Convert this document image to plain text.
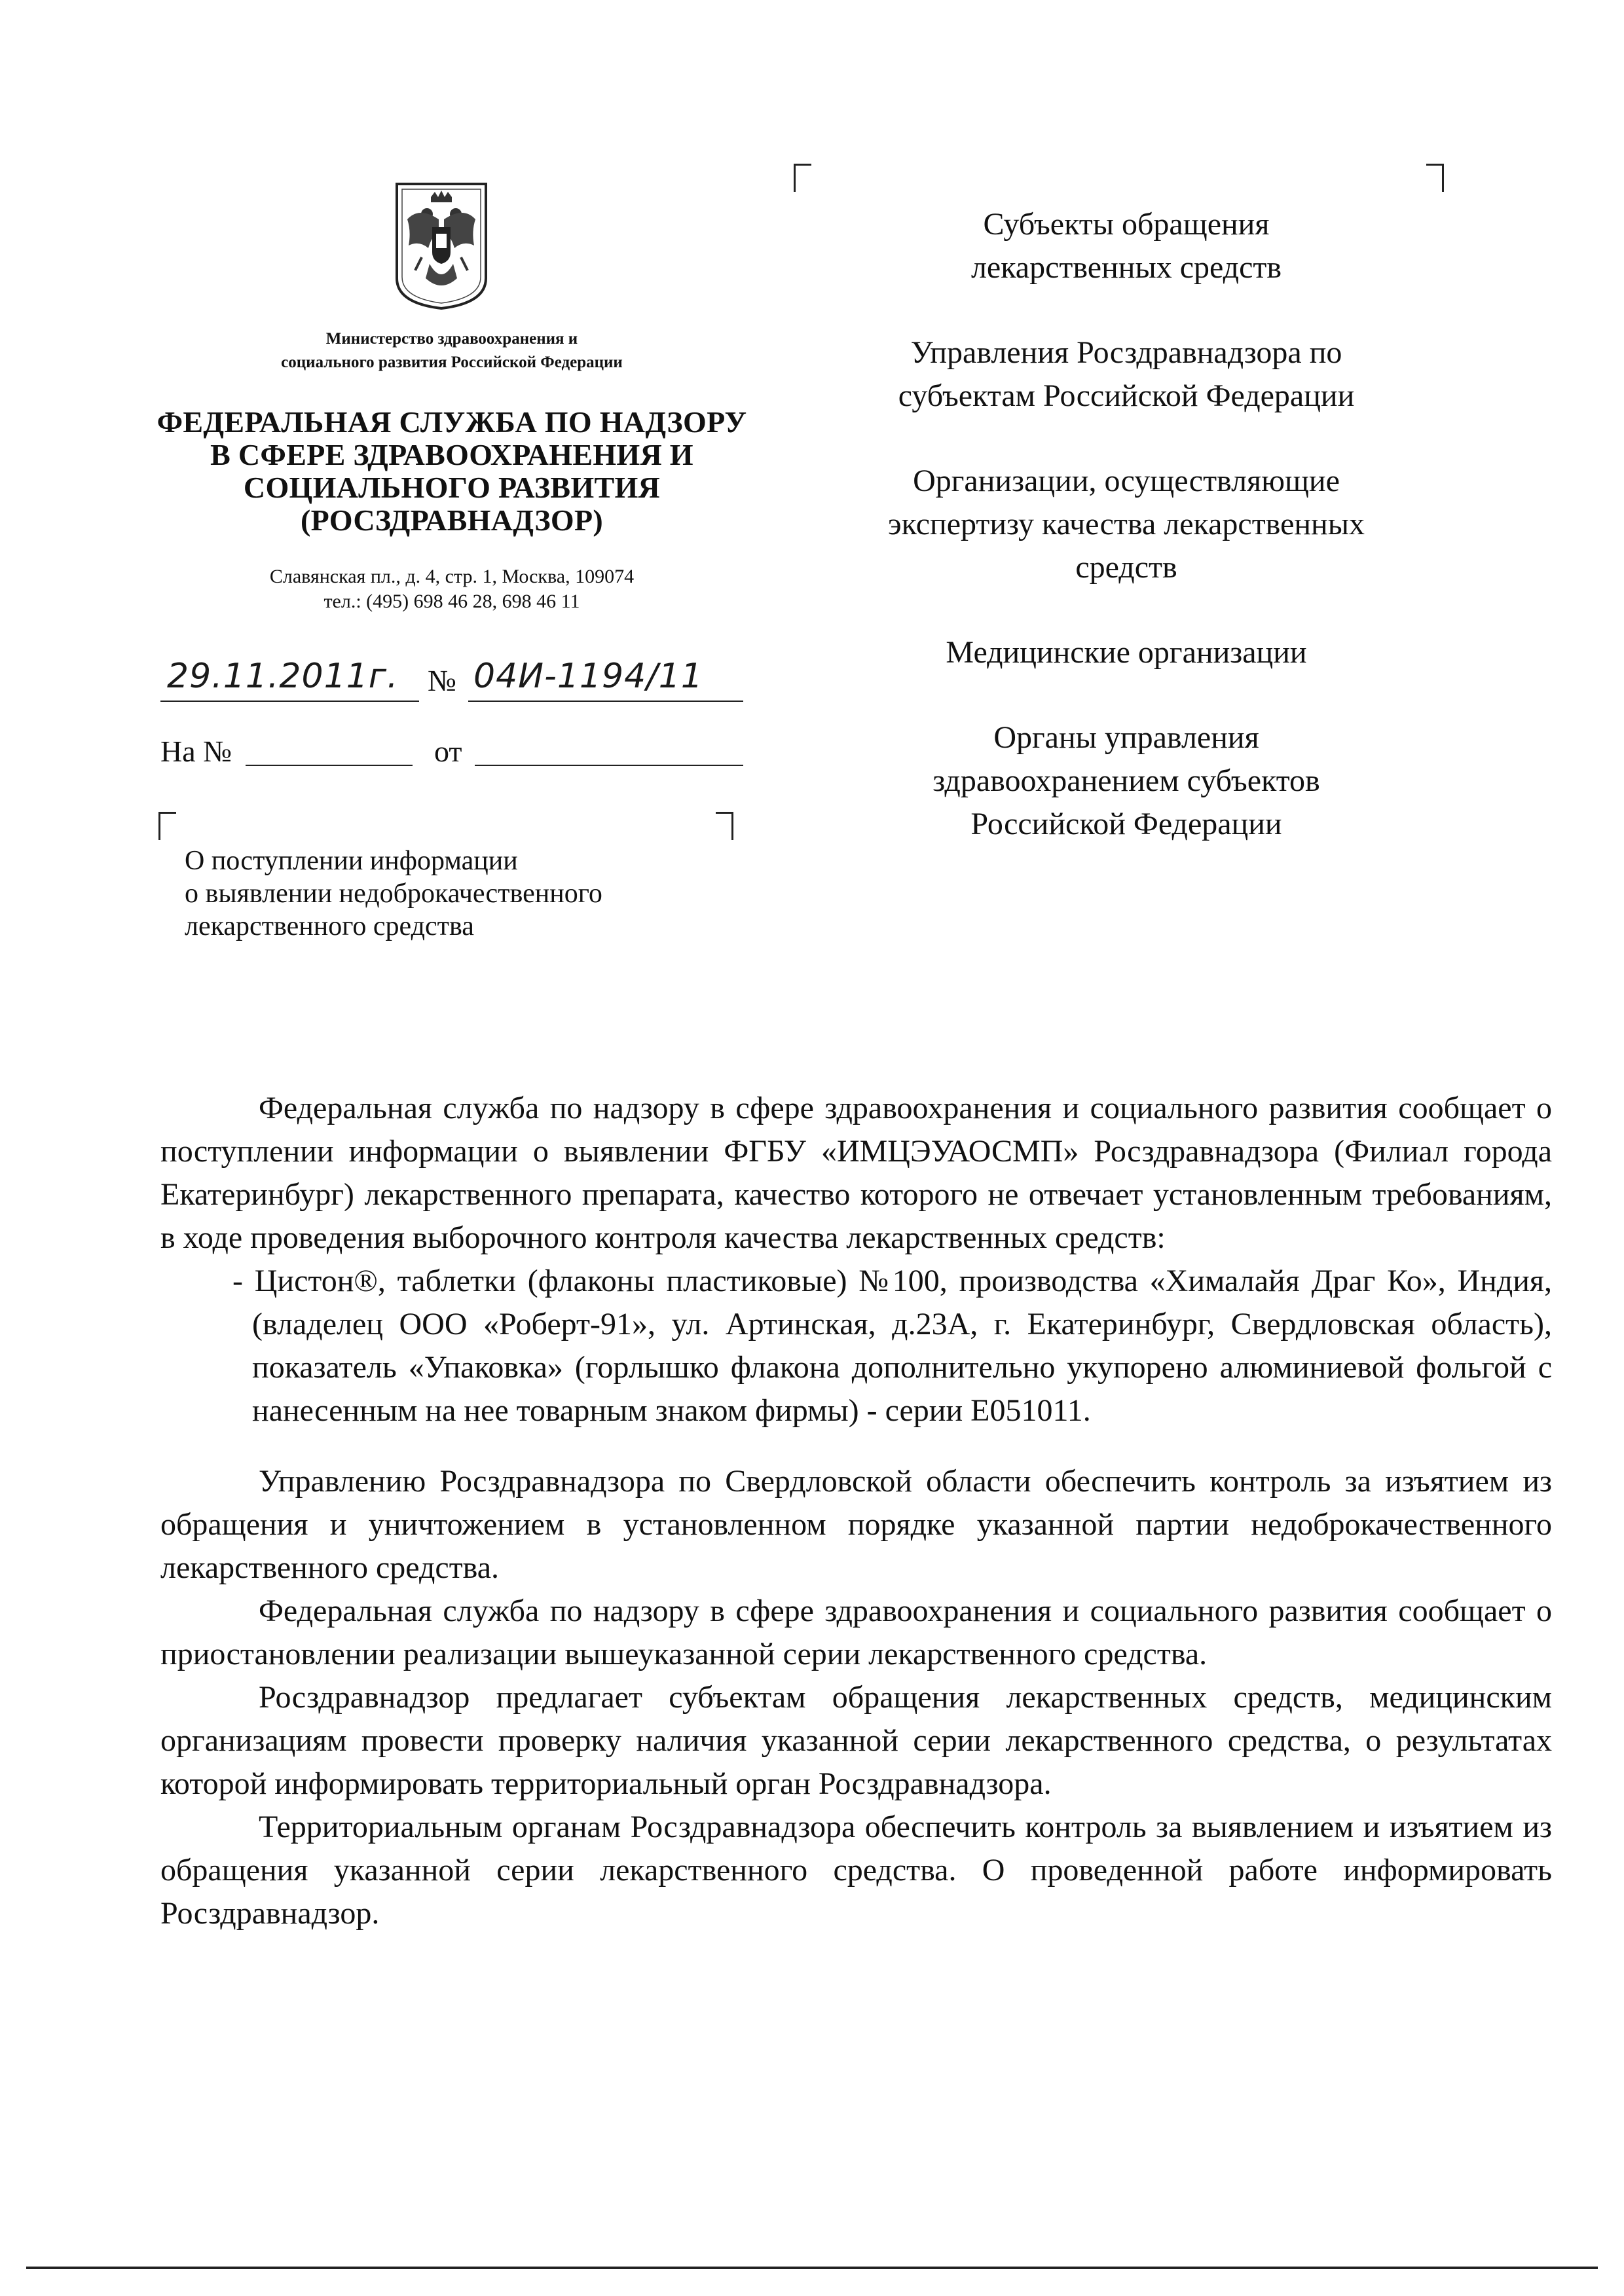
Министерство здравоохранения и
социального развития Российской Федерации
ФЕДЕРАЛЬНАЯ СЛУЖБА ПО НАДЗОРУ
В СФЕРЕ ЗДРАВООХРАНЕНИЯ И
СОЦИАЛЬНОГО РАЗВИТИЯ
(РОСЗДРАВНАДЗОР)
Славянская пл., д. 4, стр. 1, Москва, 109074
тел.: (495) 698 46 28, 698 46 11
29.11.2011г. № 04И-1194/11
На №	от
О поступлении информации
о выявлении недоброкачественного
лекарственного средства
Субъекты обращения
лекарственных средств
Управления Росздравнадзора по
субъектам Российской Федерации
Организации, осуществляющие
экспертизу качества лекарственных
средств
Медицинские организации
Органы управления
здравоохранением субъектов
Российской Федерации

Федеральная служба по надзору в сфере здравоохранения и социального развития сообщает о поступлении информации о выявлении ФГБУ «ИМЦЭУАОСМП» Росздравнадзора (Филиал города Екатеринбург) лекарственного препарата, качество которого не отвечает установленным требованиям, в ходе проведения выборочного контроля качества лекарственных средств:

- Цистон®, таблетки (флаконы пластиковые) №100, производства «Хималайя Драг Ко», Индия, (владелец ООО «Роберт-91», ул. Артинская, д.23А, г. Екатеринбург, Свердловская область), показатель «Упаковка» (горлышко флакона дополнительно укупорено алюминиевой фольгой с нанесенным на нее товарным знаком фирмы) - серии Е051011.

Управлению Росздравнадзора по Свердловской области обеспечить контроль за изъятием из обращения и уничтожением в установленном порядке указанной партии недоброкачественного лекарственного средства.

Федеральная служба по надзору в сфере здравоохранения и социального развития сообщает о приостановлении реализации вышеуказанной серии лекарственного средства.

Росздравнадзор предлагает субъектам обращения лекарственных средств, медицинским организациям провести проверку наличия указанной серии лекарственного средства, о результатах которой информировать территориальный орган Росздравнадзора.

Территориальным органам Росздравнадзора обеспечить контроль за выявлением и изъятием из обращения указанной серии лекарственного средства. О проведенной работе информировать Росздравнадзор.
